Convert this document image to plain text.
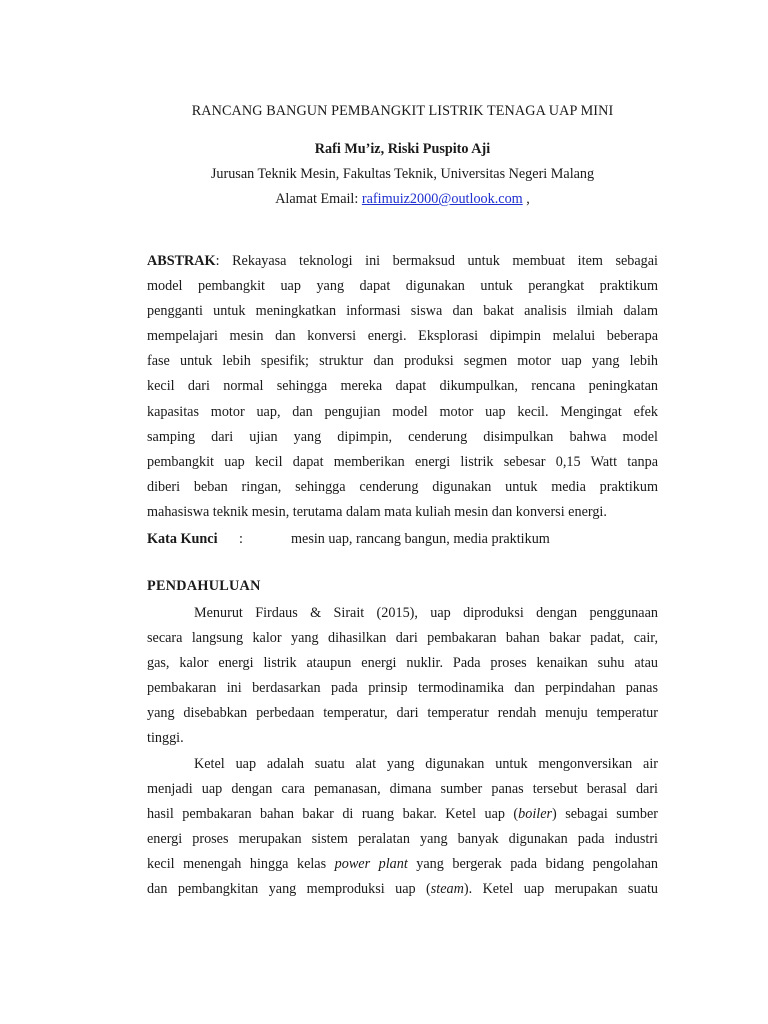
RANCANG BANGUN PEMBANGKIT LISTRIK TENAGA UAP MINI
Rafi Mu’iz, Riski Puspito Aji
Jurusan Teknik Mesin, Fakultas Teknik, Universitas Negeri Malang
Alamat Email: rafimuiz2000@outlook.com ,
ABSTRAK: Rekayasa teknologi ini bermaksud untuk membuat item sebagai
model pembangkit uap yang dapat digunakan untuk perangkat praktikum
pengganti untuk meningkatkan informasi siswa dan bakat analisis ilmiah dalam
mempelajari mesin dan konversi energi. Eksplorasi dipimpin melalui beberapa
fase untuk lebih spesifik; struktur dan produksi segmen motor uap yang lebih
kecil dari normal sehingga mereka dapat dikumpulkan, rencana peningkatan
kapasitas motor uap, dan pengujian model motor uap kecil. Mengingat efek
samping dari ujian yang dipimpin, cenderung disimpulkan bahwa model
pembangkit uap kecil dapat memberikan energi listrik sebesar 0,15 Watt tanpa
diberi beban ringan, sehingga cenderung digunakan untuk media praktikum
mahasiswa teknik mesin, terutama dalam mata kuliah mesin dan konversi energi.
Kata Kunci :	mesin uap, rancang bangun, media praktikum
PENDAHULUAN
Menurut Firdaus & Sirait (2015), uap diproduksi dengan penggunaan
secara langsung kalor yang dihasilkan dari pembakaran bahan bakar padat, cair,
gas, kalor energi listrik ataupun energi nuklir. Pada proses kenaikan suhu atau
pembakaran ini berdasarkan pada prinsip termodinamika dan perpindahan panas
yang disebabkan perbedaan temperatur, dari temperatur rendah menuju temperatur
tinggi.
Ketel uap adalah suatu alat yang digunakan untuk mengonversikan air
menjadi uap dengan cara pemanasan, dimana sumber panas tersebut berasal dari
hasil pembakaran bahan bakar di ruang bakar. Ketel uap (boiler) sebagai sumber
energi proses merupakan sistem peralatan yang banyak digunakan pada industri
kecil menengah hingga kelas power plant yang bergerak pada bidang pengolahan
dan pembangkitan yang memproduksi uap (steam). Ketel uap merupakan suatu
